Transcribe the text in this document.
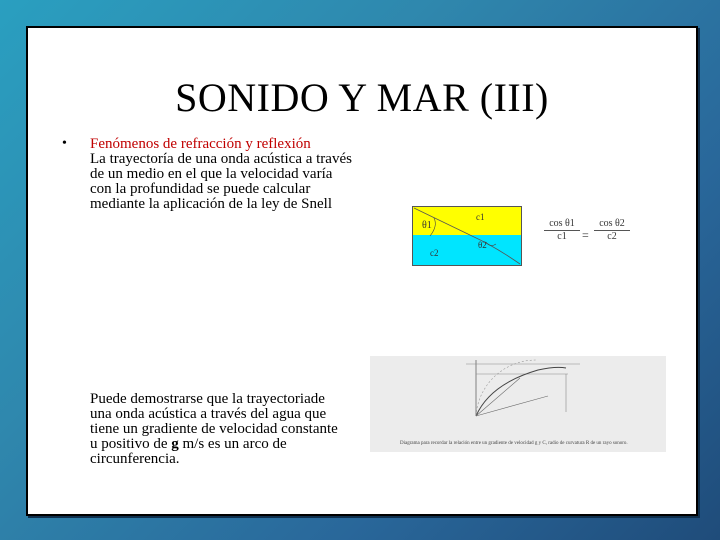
SONIDO Y MAR (III)
• Fenómenos de refracción y reflexión
La trayectoría de una onda acústica a través de un medio en el que la velocidad varía con la profundidad se puede calcular mediante la aplicación de la ley de Snell
Puede demostrarse que la trayectoriade una onda acústica a través del agua que tiene un gradiente de velocidad constante u positivo de g m/s es un arco de circunferencia.
θ1
θ2
c1
c2
$\frac{\text{cos θ1}}{c1} = \frac{\text{cos θ2}}{c2}$
Diagrama para recordar la relación entre un gradiente de velocidad g y C, radio de curvatura R de un rayo sonoro.
